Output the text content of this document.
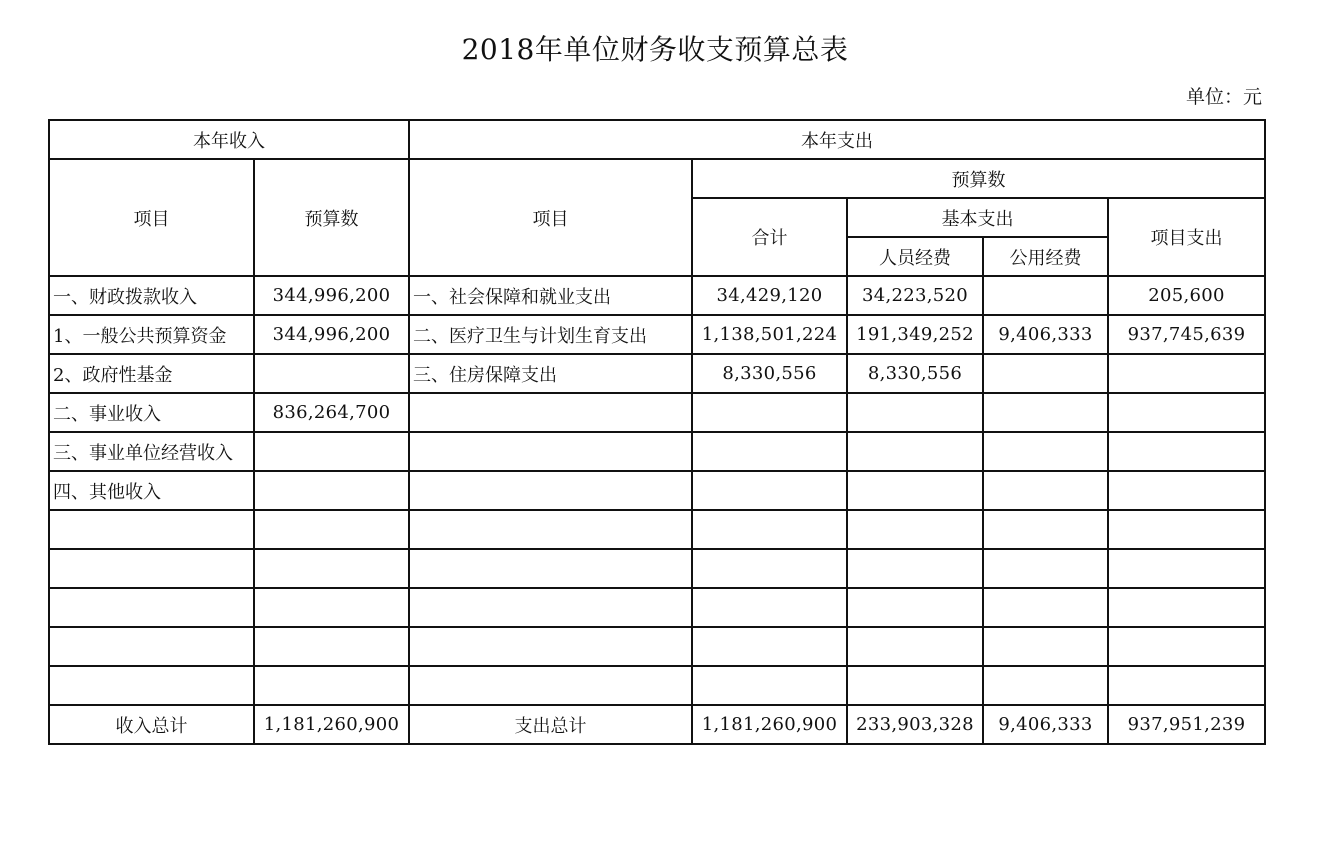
2018年单位财务收支预算总表
单位：元
本年收入		本年支出				
项目	预算数	项目	预算数			
			合计	基本支出		项目支出
				人员经费	公用经费	
一、财政拨款收入	344,996,200	一、社会保障和就业支出	34,429,120	34,223,520		205,600
1、一般公共预算资金	344,996,200	二、医疗卫生与计划生育支出	1,138,501,224	191,349,252	9,406,333	937,745,639
2、政府性基金		三、住房保障支出	8,330,556	8,330,556		
二、事业收入	836,264,700					
三、事业单位经营收入						
四、其他收入						

收入总计	1,181,260,900	支出总计	1,181,260,900	233,903,328	9,406,333	937,951,239
